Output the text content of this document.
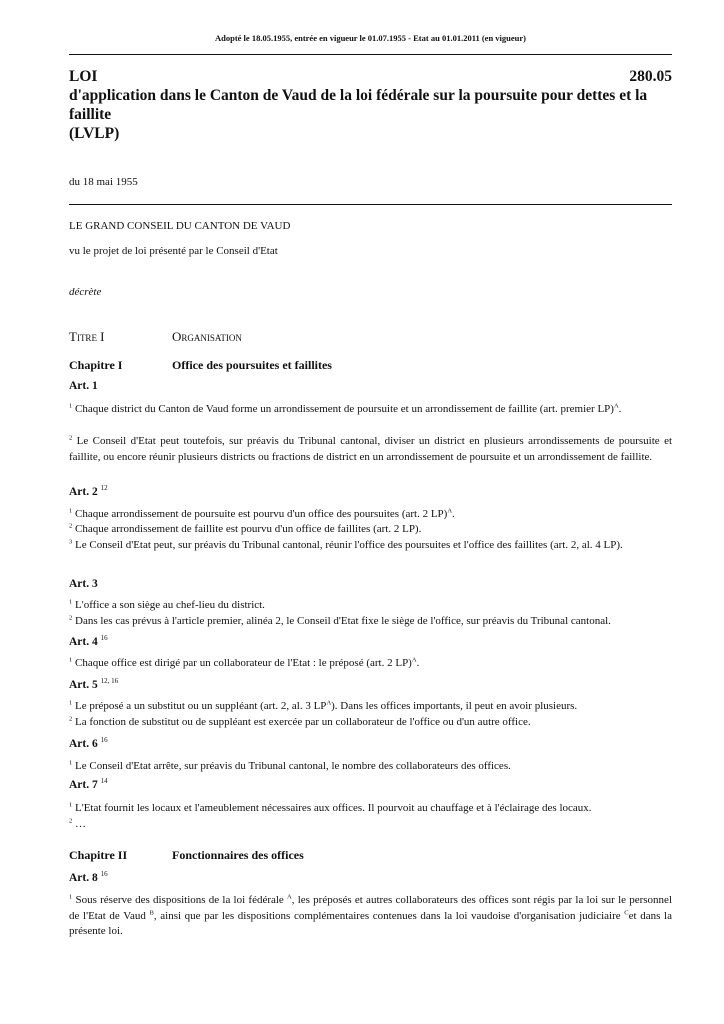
Adopté le 18.05.1955, entrée en vigueur le 01.07.1955 - Etat au 01.01.2011 (en vigueur)
LOI	280.05
d'application dans le Canton de Vaud de la loi fédérale sur la poursuite pour dettes et la
faillite
(LVLP)
du 18 mai 1955
LE GRAND CONSEIL DU CANTON DE VAUD
vu le projet de loi présenté par le Conseil d'Etat
décrète
Titre I	Organisation
Chapitre I	Office des poursuites et faillites
Chapitre II	Fonctionnaires des offices
Art. 1
$^1$ Chaque district du Canton de Vaud forme un arrondissement de poursuite et un arrondissement de faillite (art. premier LP)$^A$.
$^2$ Le Conseil d'Etat peut toutefois, sur préavis du Tribunal cantonal, diviser un district en plusieurs arrondissements de poursuite et faillite, ou encore réunir plusieurs districts ou fractions de district en un arrondissement de poursuite et un arrondissement de faillite.
Art. 2 $^{12}$
$^1$ Chaque arrondissement de poursuite est pourvu d'un office des poursuites (art. 2 LP)$^A$.
$^2$ Chaque arrondissement de faillite est pourvu d'un office de faillites (art. 2 LP).
$^3$ Le Conseil d'Etat peut, sur préavis du Tribunal cantonal, réunir l'office des poursuites et l'office des faillites (art. 2, al. 4 LP).
Art. 3
$^1$ L'office a son siège au chef-lieu du district.
$^2$ Dans les cas prévus à l'article premier, alinéa 2, le Conseil d'Etat fixe le siège de l'office, sur préavis du Tribunal cantonal.
Art. 4 $^{16}$
$^1$ Chaque office est dirigé par un collaborateur de l'Etat : le préposé (art. 2 LP)$^A$.
Art. 5 $^{12, 16}$
$^1$ Le préposé a un substitut ou un suppléant (art. 2, al. 3 $LP^A$). Dans les offices importants, il peut en avoir plusieurs.
$^2$ La fonction de substitut ou de suppléant est exercée par un collaborateur de l'office ou d'un autre office.
Art. 6 $^{16}$
$^1$ Le Conseil d'Etat arrête, sur préavis du Tribunal cantonal, le nombre des collaborateurs des offices.
Art. 7 $^{14}$
$^1$ L'Etat fournit les locaux et l'ameublement nécessaires aux offices. Il pourvoit au chauffage et à l'éclairage des locaux.
$^2$ …
Art. 8 $^{16}$
$^1$ Sous réserve des dispositions de la loi fédérale $^A$, les préposés et autres collaborateurs des offices sont régis par la loi sur le personnel de l'Etat de Vaud $^B$, ainsi que par les dispositions complémentaires contenues dans la loi vaudoise d'organisation judiciaire $^C$et dans la présente loi.
